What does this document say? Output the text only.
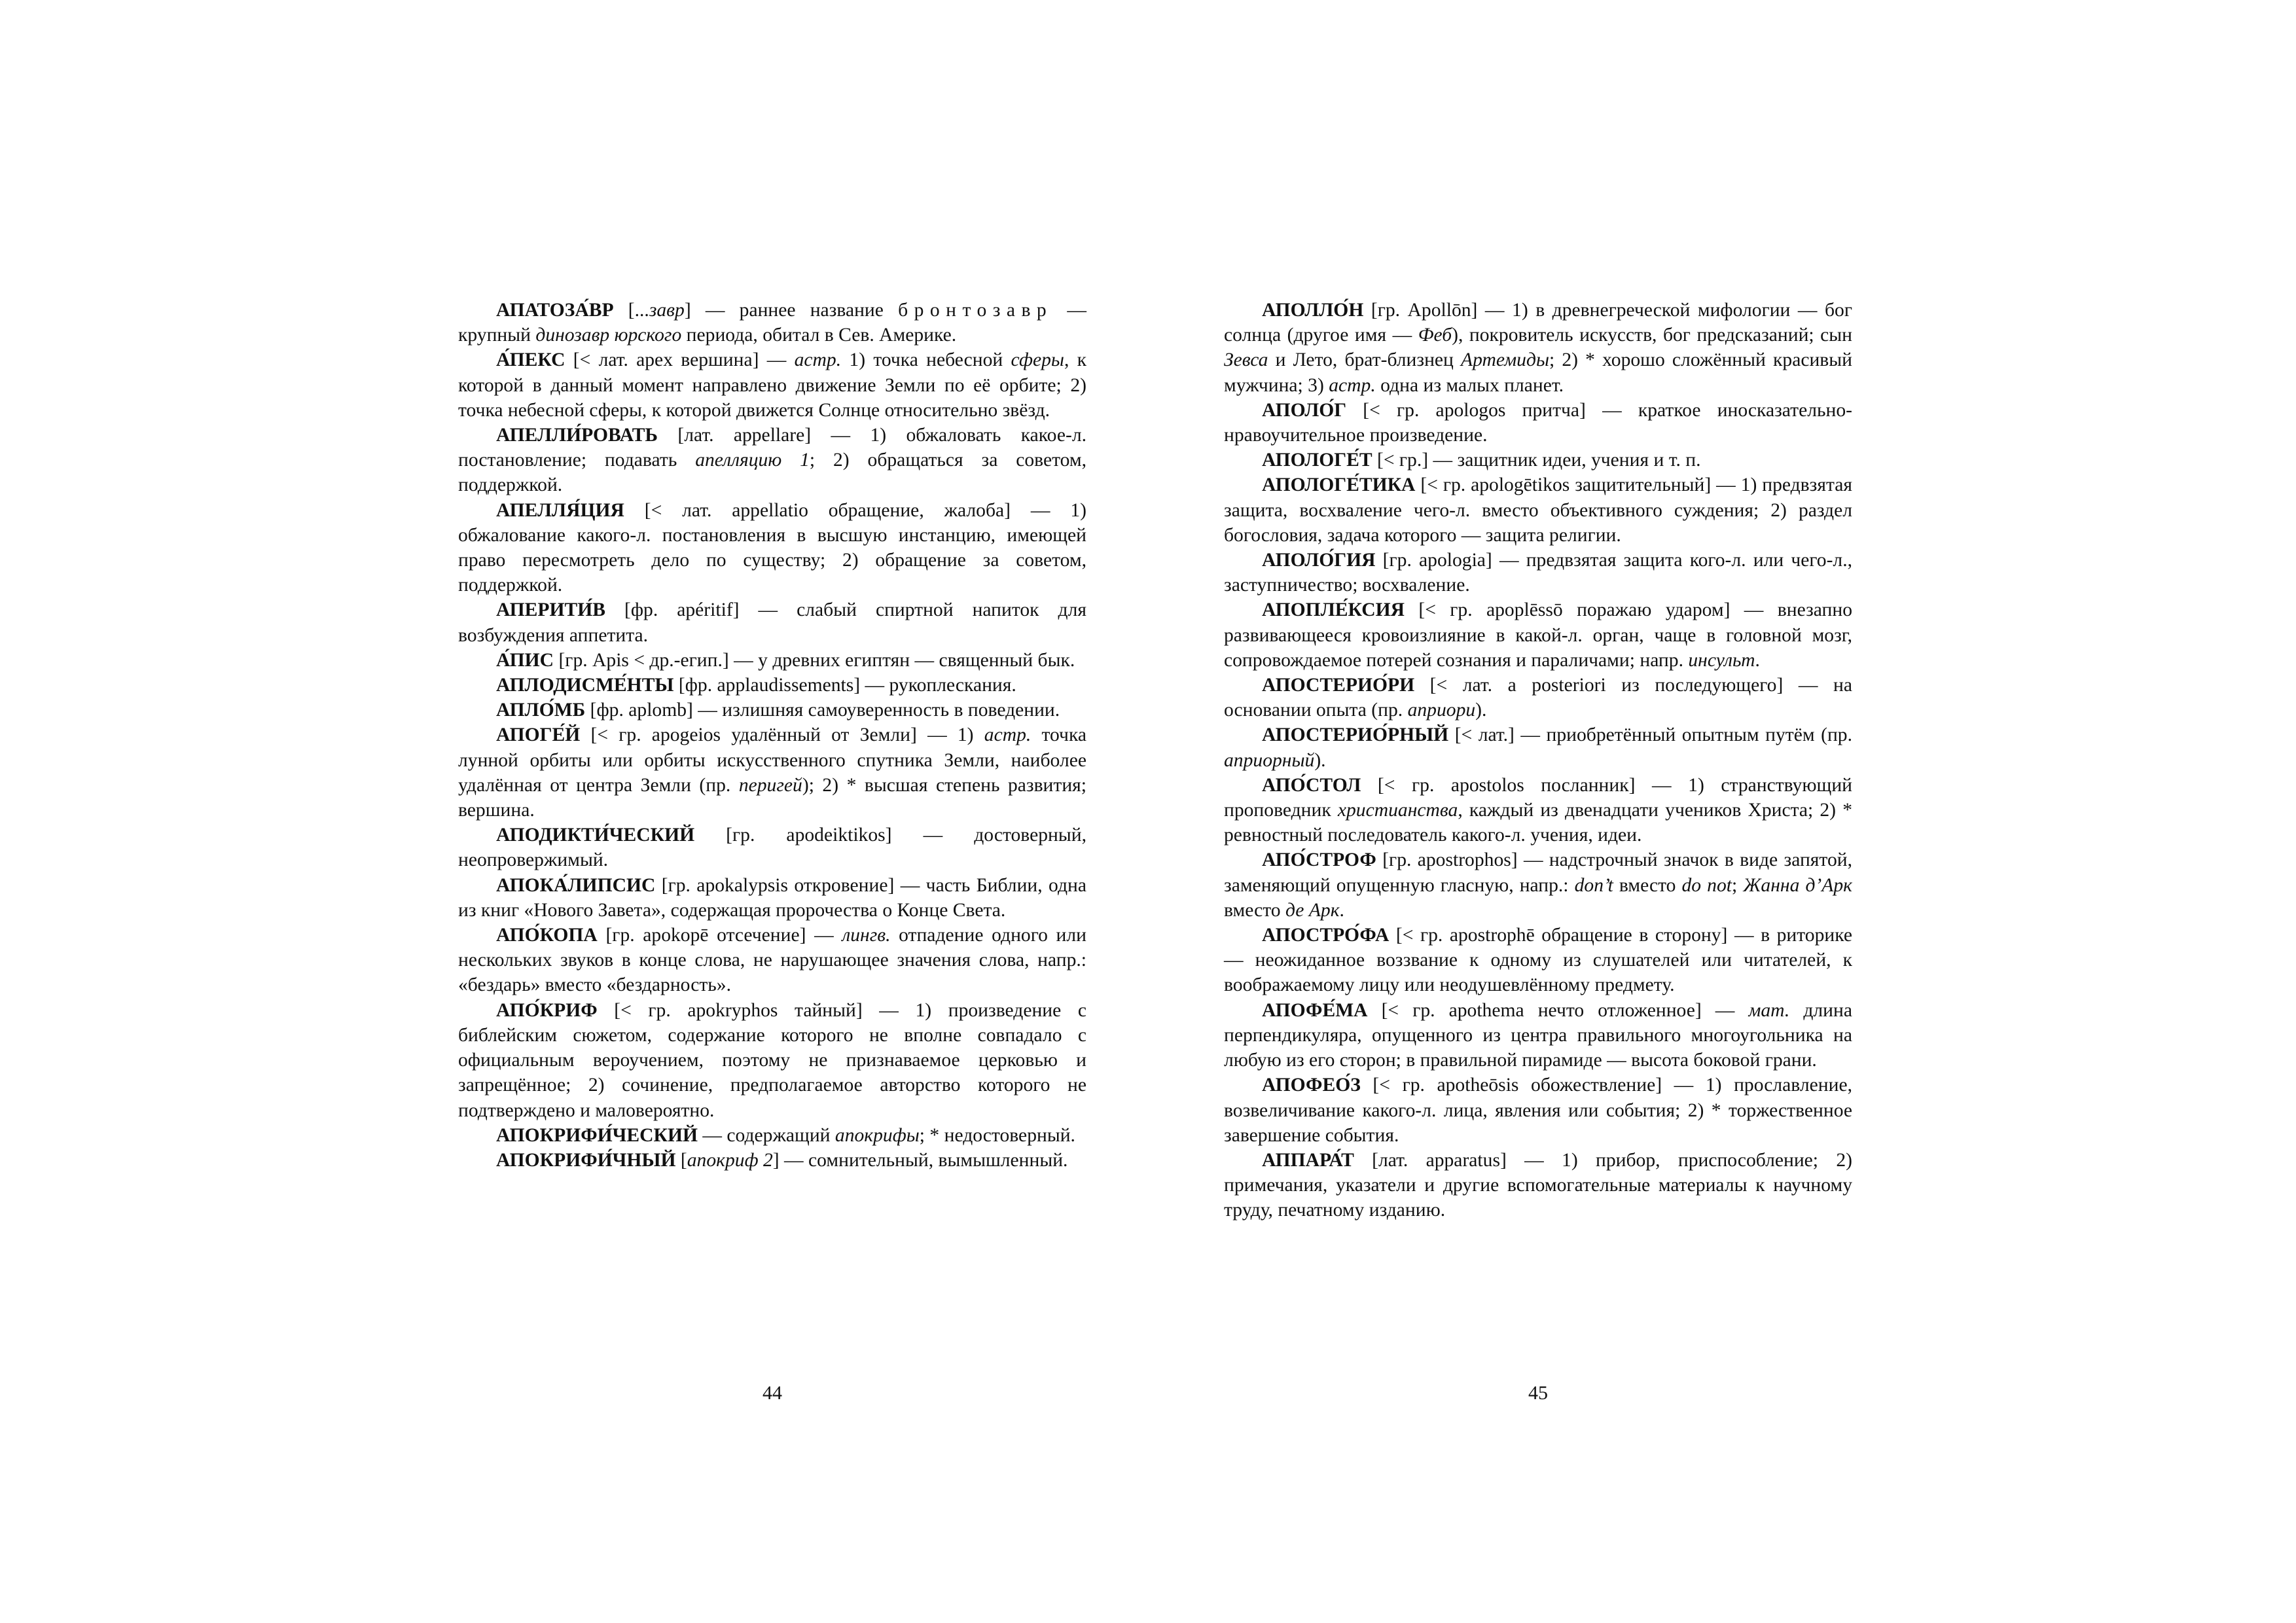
АПАТОЗА́ВР [...завр] — раннее название бронтозавр — крупный динозавр юрского периода, обитал в Сев. Америке.

А́ПЕКС [< лат. apex вершина] — астр. 1) точка небесной сферы, к которой в данный момент направлено движение Земли по её орбите; 2) точка небесной сферы, к которой движется Солнце относительно звёзд.

АПЕЛЛИ́РОВАТЬ [лат. appellare] — 1) обжаловать какое-л. постановление; подавать апелляцию 1; 2) обращаться за советом, поддержкой.

АПЕЛЛЯ́ЦИЯ [< лат. appellatio обращение, жалоба] — 1) обжалование какого-л. постановления в высшую инстанцию, имеющей право пересмотреть дело по существу; 2) обращение за советом, поддержкой.

АПЕРИТИ́В [фр. apéritif] — слабый спиртной напиток для возбуждения аппетита.

А́ПИС [гр. Apis < др.-егип.] — у древних египтян — священный бык.

АПЛОДИСМЕ́НТЫ [фр. applaudissements] — рукоплескания.

АПЛО́МБ [фр. aplomb] — излишняя самоуверенность в поведении.

АПОГЕ́Й [< гр. apogeios удалённый от Земли] — 1) астр. точка лунной орбиты или орбиты искусственного спутника Земли, наиболее удалённая от центра Земли (пр. перигей); 2) * высшая степень развития; вершина.

АПОДИКТИ́ЧЕСКИЙ [гр. apodeiktikos] — достоверный, неопровержимый.

АПОКА́ЛИПСИС [гр. apokalypsis откровение] — часть Библии, одна из книг «Нового Завета», содержащая пророчества о Конце Света.

АПО́КОПА [гр. apokopē отсечение] — лингв. отпадение одного или нескольких звуков в конце слова, не нарушающее значения слова, напр.: «бездарь» вместо «бездарность».

АПО́КРИФ [< гр. apokryphos тайный] — 1) произведение с библейским сюжетом, содержание которого не вполне совпадало с официальным вероучением, поэтому не признаваемое церковью и запрещённое; 2) сочинение, предполагаемое авторство которого не подтверждено и маловероятно.

АПОКРИФИ́ЧЕСКИЙ — содержащий апокрифы; * недостоверный.

АПОКРИФИ́ЧНЫЙ [апокриф 2] — сомнительный, вымышленный.

44

АПОЛЛО́Н [гр. Apollōn] — 1) в древнегреческой мифологии — бог солнца (другое имя — Феб), покровитель искусств, бог предсказаний; сын Зевса и Лето, брат-близнец Артемиды; 2) * хорошо сложённый красивый мужчина; 3) астр. одна из малых планет.

АПОЛО́Г [< гр. apologos притча] — краткое иносказательно-нравоучительное произведение.

АПОЛОГЕ́Т [< гр.] — защитник идеи, учения и т. п.

АПОЛОГЕ́ТИКА [< гр. apologētikos защитительный] — 1) предвзятая защита, восхваление чего-л. вместо объективного суждения; 2) раздел богословия, задача которого — защита религии.

АПОЛО́ГИЯ [гр. apologia] — предвзятая защита кого-л. или чего-л., заступничество; восхваление.

АПОПЛЕ́КСИЯ [< гр. apoplēssō поражаю ударом] — внезапно развивающееся кровоизлияние в какой-л. орган, чаще в головной мозг, сопровождаемое потерей сознания и параличами; напр. инсульт.

АПОСТЕРИО́РИ [< лат. a posteriori из последующего] — на основании опыта (пр. априори).

АПОСТЕРИО́РНЫЙ [< лат.] — приобретённый опытным путём (пр. априорный).

АПО́СТОЛ [< гр. apostolos посланник] — 1) странствующий проповедник христианства, каждый из двенадцати учеников Христа; 2) * ревностный последователь какого-л. учения, идеи.

АПО́СТРОФ [гр. apostrophos] — надстрочный значок в виде запятой, заменяющий опущенную гласную, напр.: don’t вместо do not; Жанна д’Арк вместо де Арк.

АПОСТРО́ФА [< гр. apostrophē обращение в сторону] — в риторике — неожиданное воззвание к одному из слушателей или читателей, к воображаемому лицу или неодушевлённому предмету.

АПОФЕ́МА [< гр. apothema нечто отложенное] — мат. длина перпендикуляра, опущенного из центра правильного многоугольника на любую из его сторон; в правильной пирамиде — высота боковой грани.

АПОФЕО́З [< гр. apotheōsis обожествление] — 1) прославление, возвеличивание какого-л. лица, явления или события; 2) * торжественное завершение события.

АППАРА́Т [лат. apparatus] — 1) прибор, приспособление; 2) примечания, указатели и другие вспомогательные материалы к научному труду, печатному изданию.

45
